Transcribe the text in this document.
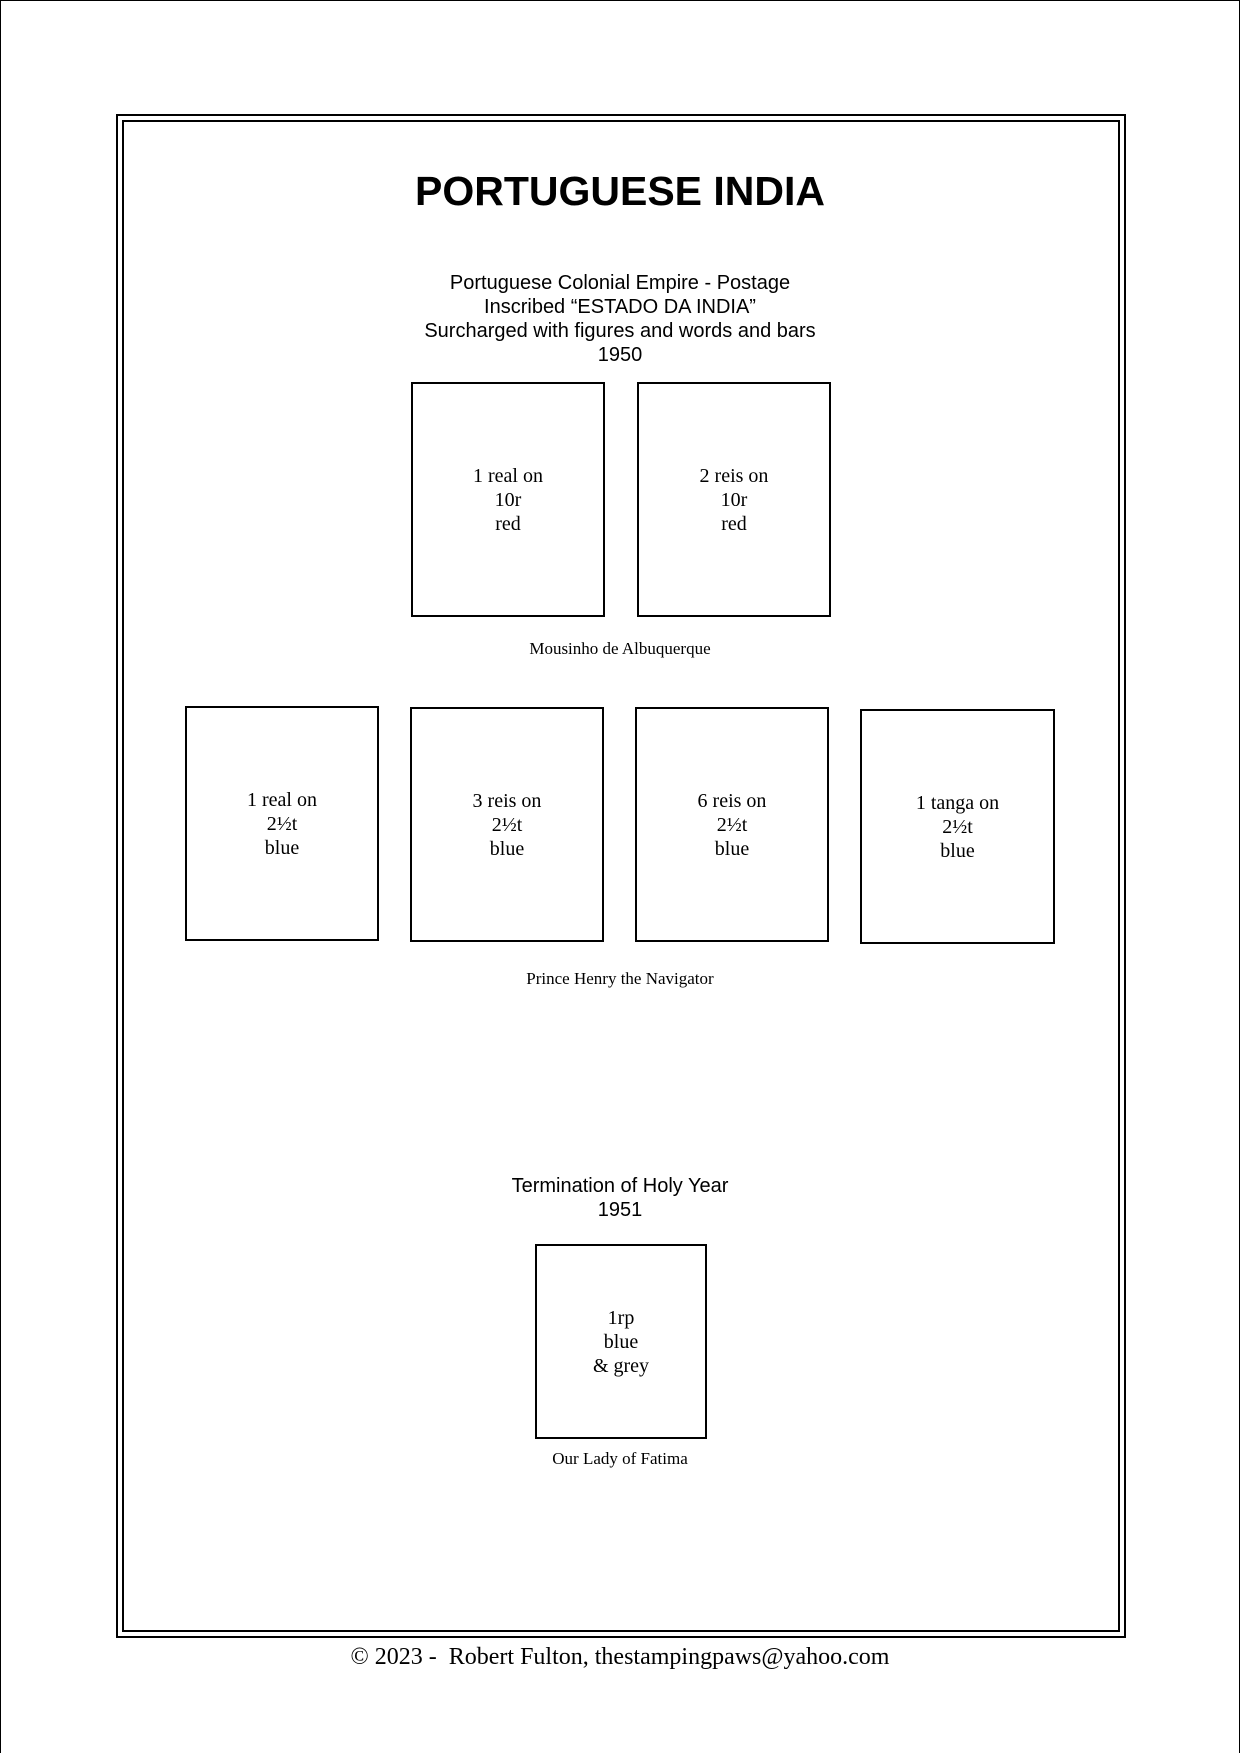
PORTUGUESE INDIA
Portuguese Colonial Empire - Postage
Inscribed “ESTADO DA INDIA”
Surcharged with figures and words and bars
1950
1 real on
10r
red
2 reis on
10r
red
Mousinho de Albuquerque
1 real on
2½t
blue
3 reis on
2½t
blue
6 reis on
2½t
blue
1 tanga on
2½t
blue
Prince Henry the Navigator
Termination of Holy Year
1951
1rp
blue
& grey
Our Lady of Fatima
© 2023 -  Robert Fulton, thestampingpaws@yahoo.com
